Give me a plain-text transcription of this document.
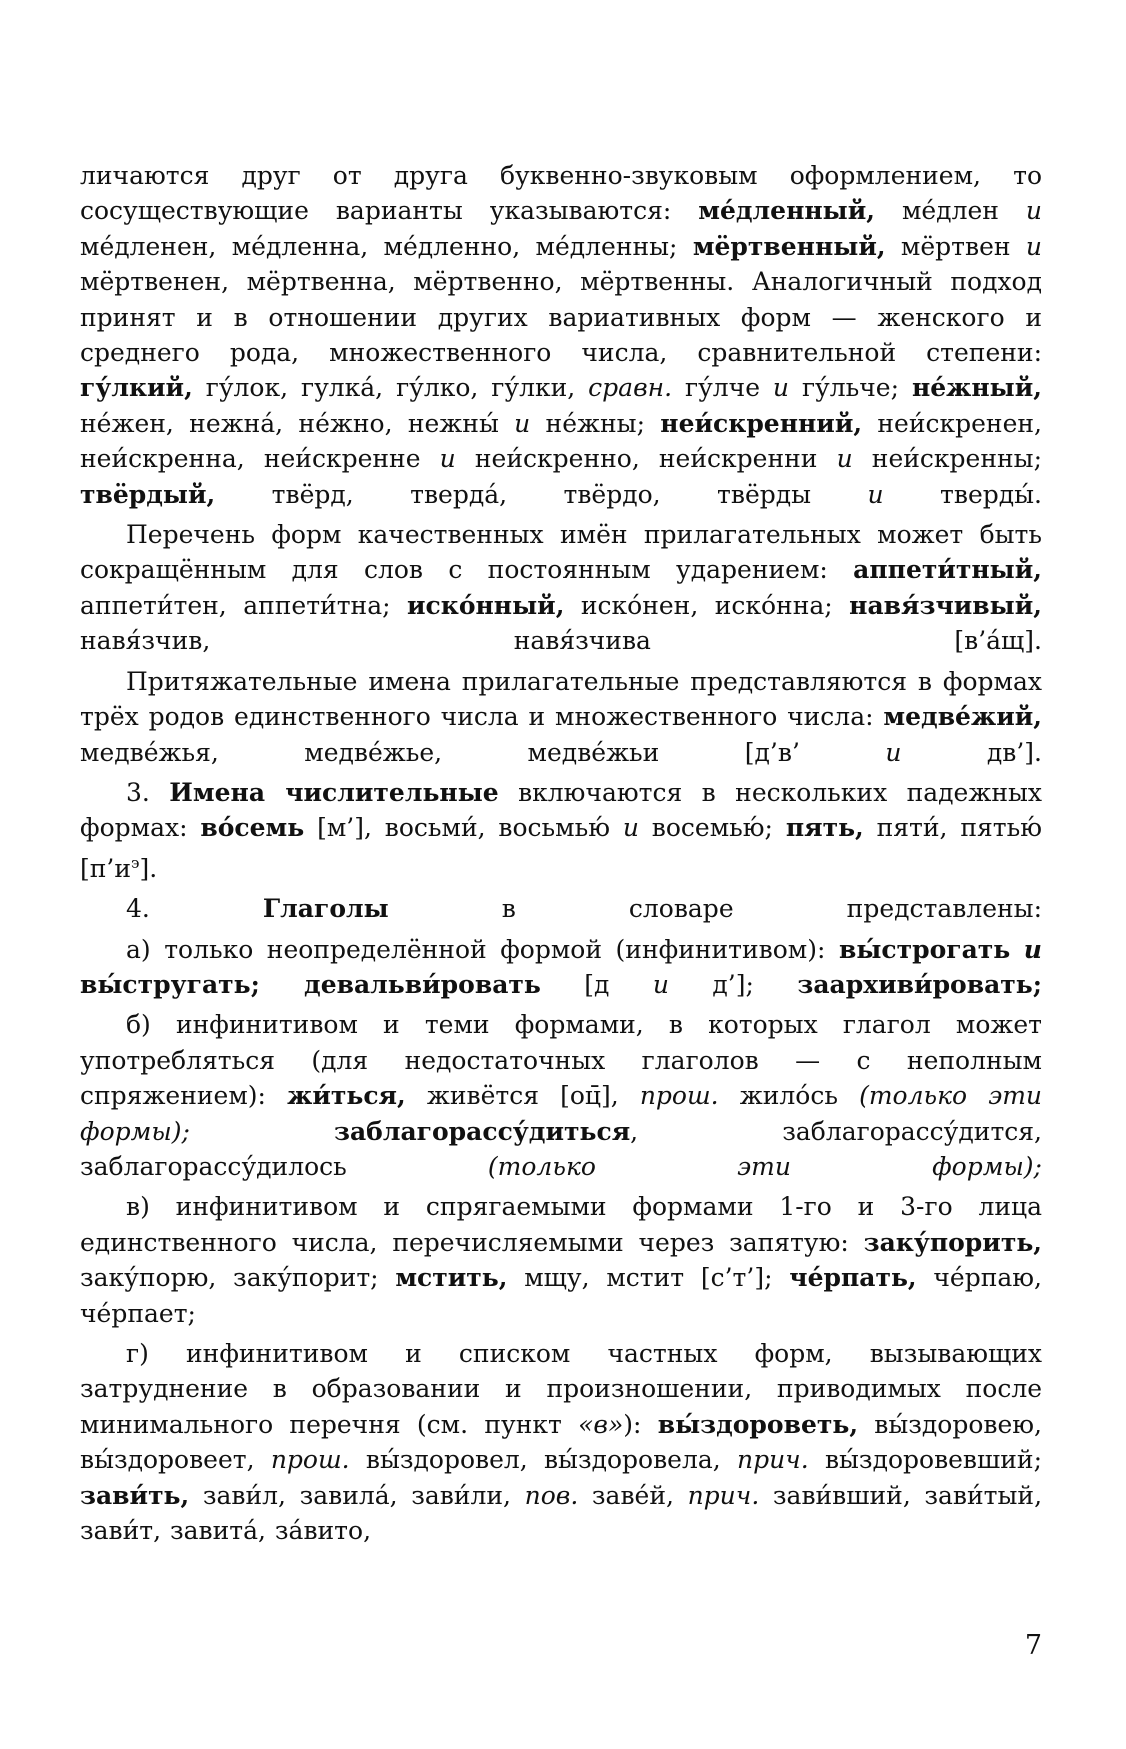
личаются друг от друга буквенно-звуковым оформлением, то сосуществующие варианты указываются: ме́дленный, ме́длен и ме́дленен, ме́дленна, ме́дленно, ме́дленны; мёртвенный, мёртвен и мёртвенен, мёртвенна, мёртвенно, мёртвенны. Аналогичный подход принят и в отношении других вариативных форм — женского и среднего рода, множественного числа, сравнительной степени: гу́лкий, гу́лок, гулка́, гу́лко, гу́лки, сравн. гу́лче и гу́льче; не́жный, не́жен, нежна́, не́жно, нежны́ и не́жны; неи́скренний, неи́скренен, неи́скренна, неи́скренне и неи́скренно, неи́скренни и неи́скренны; твёрдый, твёрд, тверда́, твёрдо, твёрды и тверды́.

Перечень форм качественных имён прилагательных может быть сокращённым для слов с постоянным ударением: аппети́тный, аппети́тен, аппети́тна; иско́нный, иско́нен, иско́нна; навя́зчивый, навя́зчив, навя́зчива [в’а́щ].

Притяжательные имена прилагательные представляются в формах трёх родов единственного числа и множественного числа: медве́жий, медве́жья, медве́жье, медве́жьи [д’в’ и дв’].

3. Имена числительные включаются в нескольких падежных формах: во́семь [м’], восьми́, восьмью́ и восемью́; пять, пяти́, пятью́ $[п’и^э]$.

4. Глаголы в словаре представлены:

а) только неопределённой формой (инфинитивом): вы́строгать и вы́стругать; девальви́ровать [д и д’]; заархиви́ровать;

б) инфинитивом и теми формами, в которых глагол может употребляться (для недостаточных глаголов — с неполным спряжением): жи́ться, живётся [оц̄], прош. жило́сь (только эти формы);	заблагорассу́диться, заблагорассу́дится, заблагорассу́дилось (только эти формы);

в) инфинитивом и спрягаемыми формами 1-го и 3-го лица единственного числа, перечисляемыми через запятую: заку́порить, заку́порю, заку́порит; мстить, мщу, мстит [с’т’]; че́рпать, че́рпаю, че́рпает;

г) инфинитивом и списком частных форм, вызывающих затруднение в образовании и произношении, приводимых после минимального перечня (см. пункт «в»): вы́здороветь, вы́здоровею, вы́здоровеет, прош. вы́здоровел, вы́здоровела, прич. вы́здоровевший; зави́ть, зави́л, завила́, зави́ли, пов. заве́й, прич. зави́вший, зави́тый, зави́т, завита́, за́вито,

7
